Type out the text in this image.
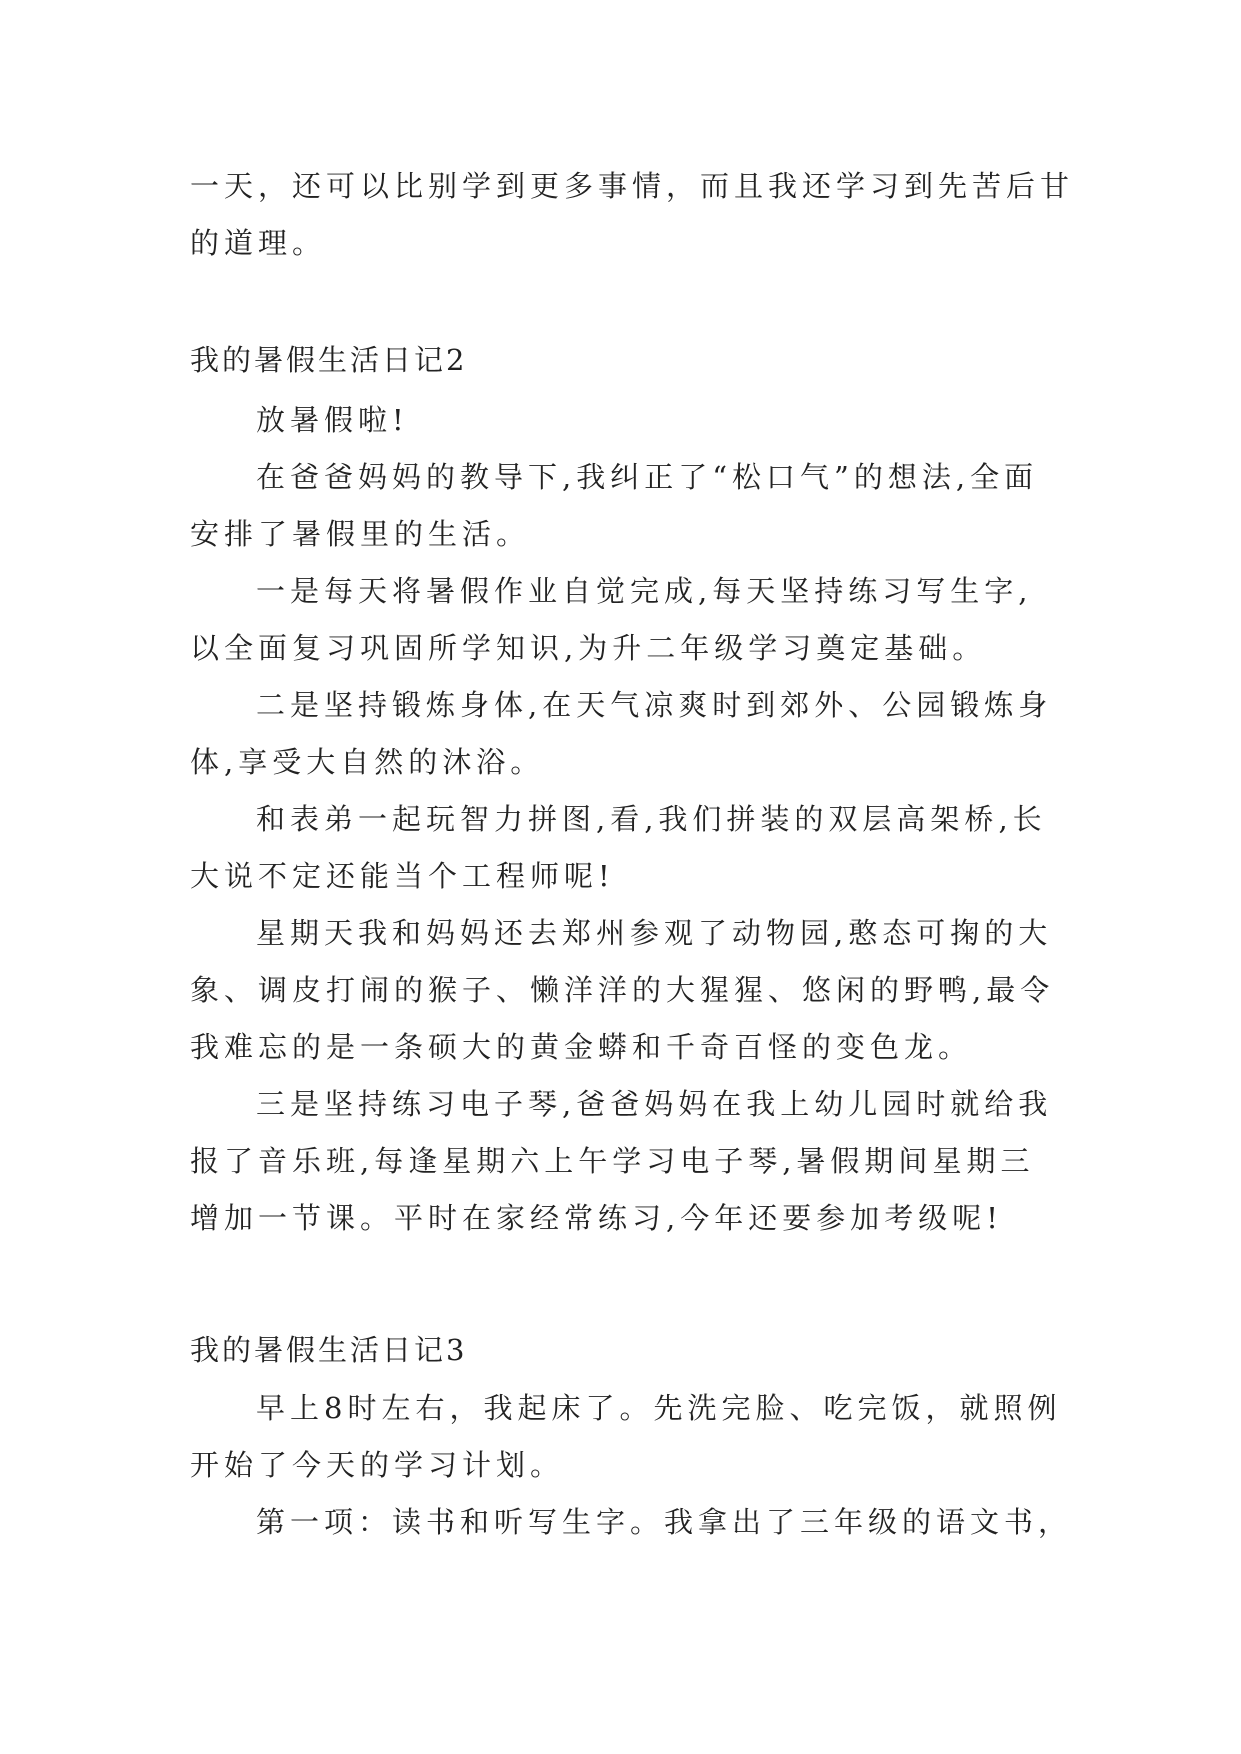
一天，还可以比别学到更多事情，而且我还学习到先苦后甘
的道理。
我的暑假生活日记2
放暑假啦!
在爸爸妈妈的教导下,我纠正了“松口气”的想法,全面
安排了暑假里的生活。
一是每天将暑假作业自觉完成,每天坚持练习写生字,
以全面复习巩固所学知识,为升二年级学习奠定基础。
二是坚持锻炼身体,在天气凉爽时到郊外、公园锻炼身
体,享受大自然的沐浴。
和表弟一起玩智力拼图,看,我们拼装的双层高架桥,长
大说不定还能当个工程师呢!
星期天我和妈妈还去郑州参观了动物园,憨态可掬的大
象、调皮打闹的猴子、懒洋洋的大猩猩、悠闲的野鸭,最令
我难忘的是一条硕大的黄金蟒和千奇百怪的变色龙。
三是坚持练习电子琴,爸爸妈妈在我上幼儿园时就给我
报了音乐班,每逢星期六上午学习电子琴,暑假期间星期三
增加一节课。平时在家经常练习,今年还要参加考级呢!
我的暑假生活日记3
早上8时左右，我起床了。先洗完脸、吃完饭，就照例
开始了今天的学习计划。
第一项：读书和听写生字。我拿出了三年级的语文书，
